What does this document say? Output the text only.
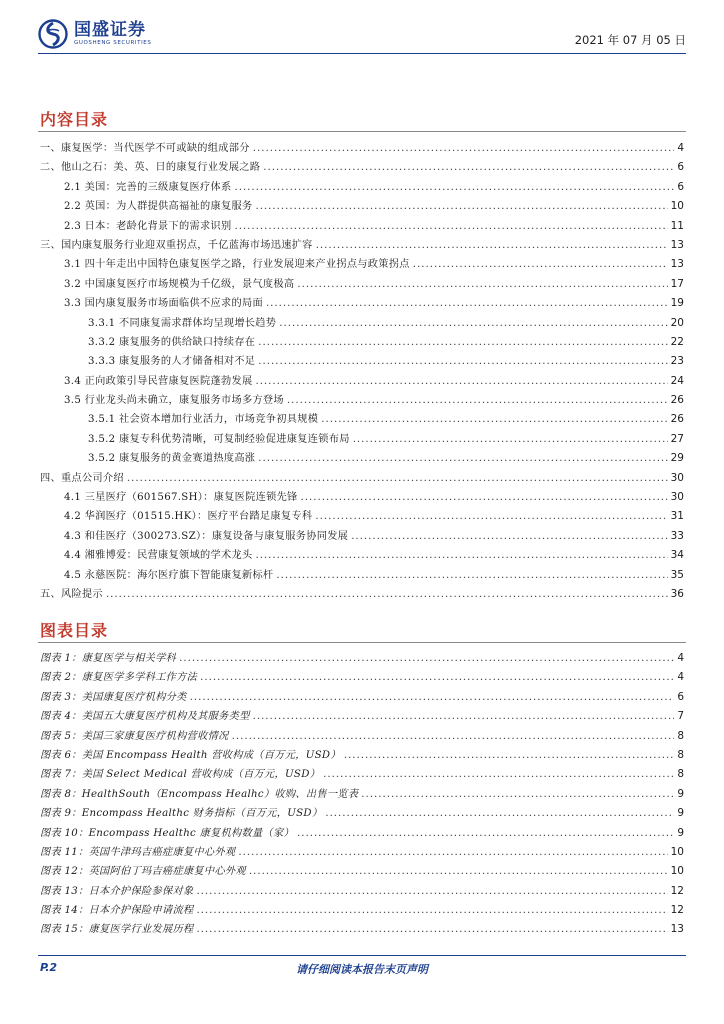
国盛证券
GUOSHENG SECURITIES	2021 年 07 月 05 日
内容目录
一、康复医学：当代医学不可或缺的组成部分 .....	4
二、他山之石：美、英、日的康复行业发展之路 .....	6
2.1 美国：完善的三级康复医疗体系 .....	6
2.2 英国：为人群提供高福祉的康复服务 .....	10
2.3 日本：老龄化背景下的需求识别 .....	11
三、国内康复服务行业迎双重拐点，千亿蓝海市场迅速扩容 .....	13
3.1 四十年走出中国特色康复医学之路，行业发展迎来产业拐点与政策拐点 .....	13
3.2 中国康复医疗市场规模为千亿级，景气度极高 .....	17
3.3 国内康复服务市场面临供不应求的局面 .....	19
3.3.1 不同康复需求群体均呈现增长趋势 .....	20
3.3.2 康复服务的供给缺口持续存在 .....	22
3.3.3 康复服务的人才储备相对不足 .....	23
3.4 正向政策引导民营康复医院蓬勃发展 .....	24
3.5 行业龙头尚未确立，康复服务市场多方登场 .....	26
3.5.1 社会资本增加行业活力，市场竞争初具规模 .....	26
3.5.2 康复专科优势清晰，可复制经验促进康复连锁布局 .....	27
3.5.2 康复服务的黄金赛道热度高涨 .....	29
四、重点公司介绍 .....	30
4.1 三星医疗（601567.SH）：康复医院连锁先锋 .....	30
4.2 华润医疗（01515.HK）：医疗平台踏足康复专科 .....	31
4.3 和佳医疗（300273.SZ）：康复设备与康复服务协同发展 .....	33
4.4 湘雅博爱：民营康复领域的学术龙头 .....	34
4.5 永慈医院：海尔医疗旗下智能康复新标杆 .....	35
五、风险提示 .....	36
图表目录
图表 1：康复医学与相关学科 .....	4
图表 2：康复医学多学科工作方法 .....	4
图表 3：美国康复医疗机构分类 .....	6
图表 4：美国五大康复医疗机构及其服务类型 .....	7
图表 5：美国三家康复医疗机构营收情况 .....	8
图表 6：美国 Encompass Health 营收构成（百万元，USD） .....	8
图表 7：美国 Select Medical 营收构成（百万元，USD） .....	8
图表 8：HealthSouth（Encompass Healhc）收购、出售一览表 .....	9
图表 9：Encompass Healthc 财务指标（百万元，USD） .....	9
图表 10：Encompass Healthc 康复机构数量（家） .....	9
图表 11：英国牛津玛吉癌症康复中心外观 .....	10
图表 12：英国阿伯丁玛吉癌症康复中心外观 .....	10
图表 13：日本介护保险参保对象 .....	12
图表 14：日本介护保险申请流程 .....	12
图表 15：康复医学行业发展历程 .....	13
请仔细阅读本报告末页声明
P.2
